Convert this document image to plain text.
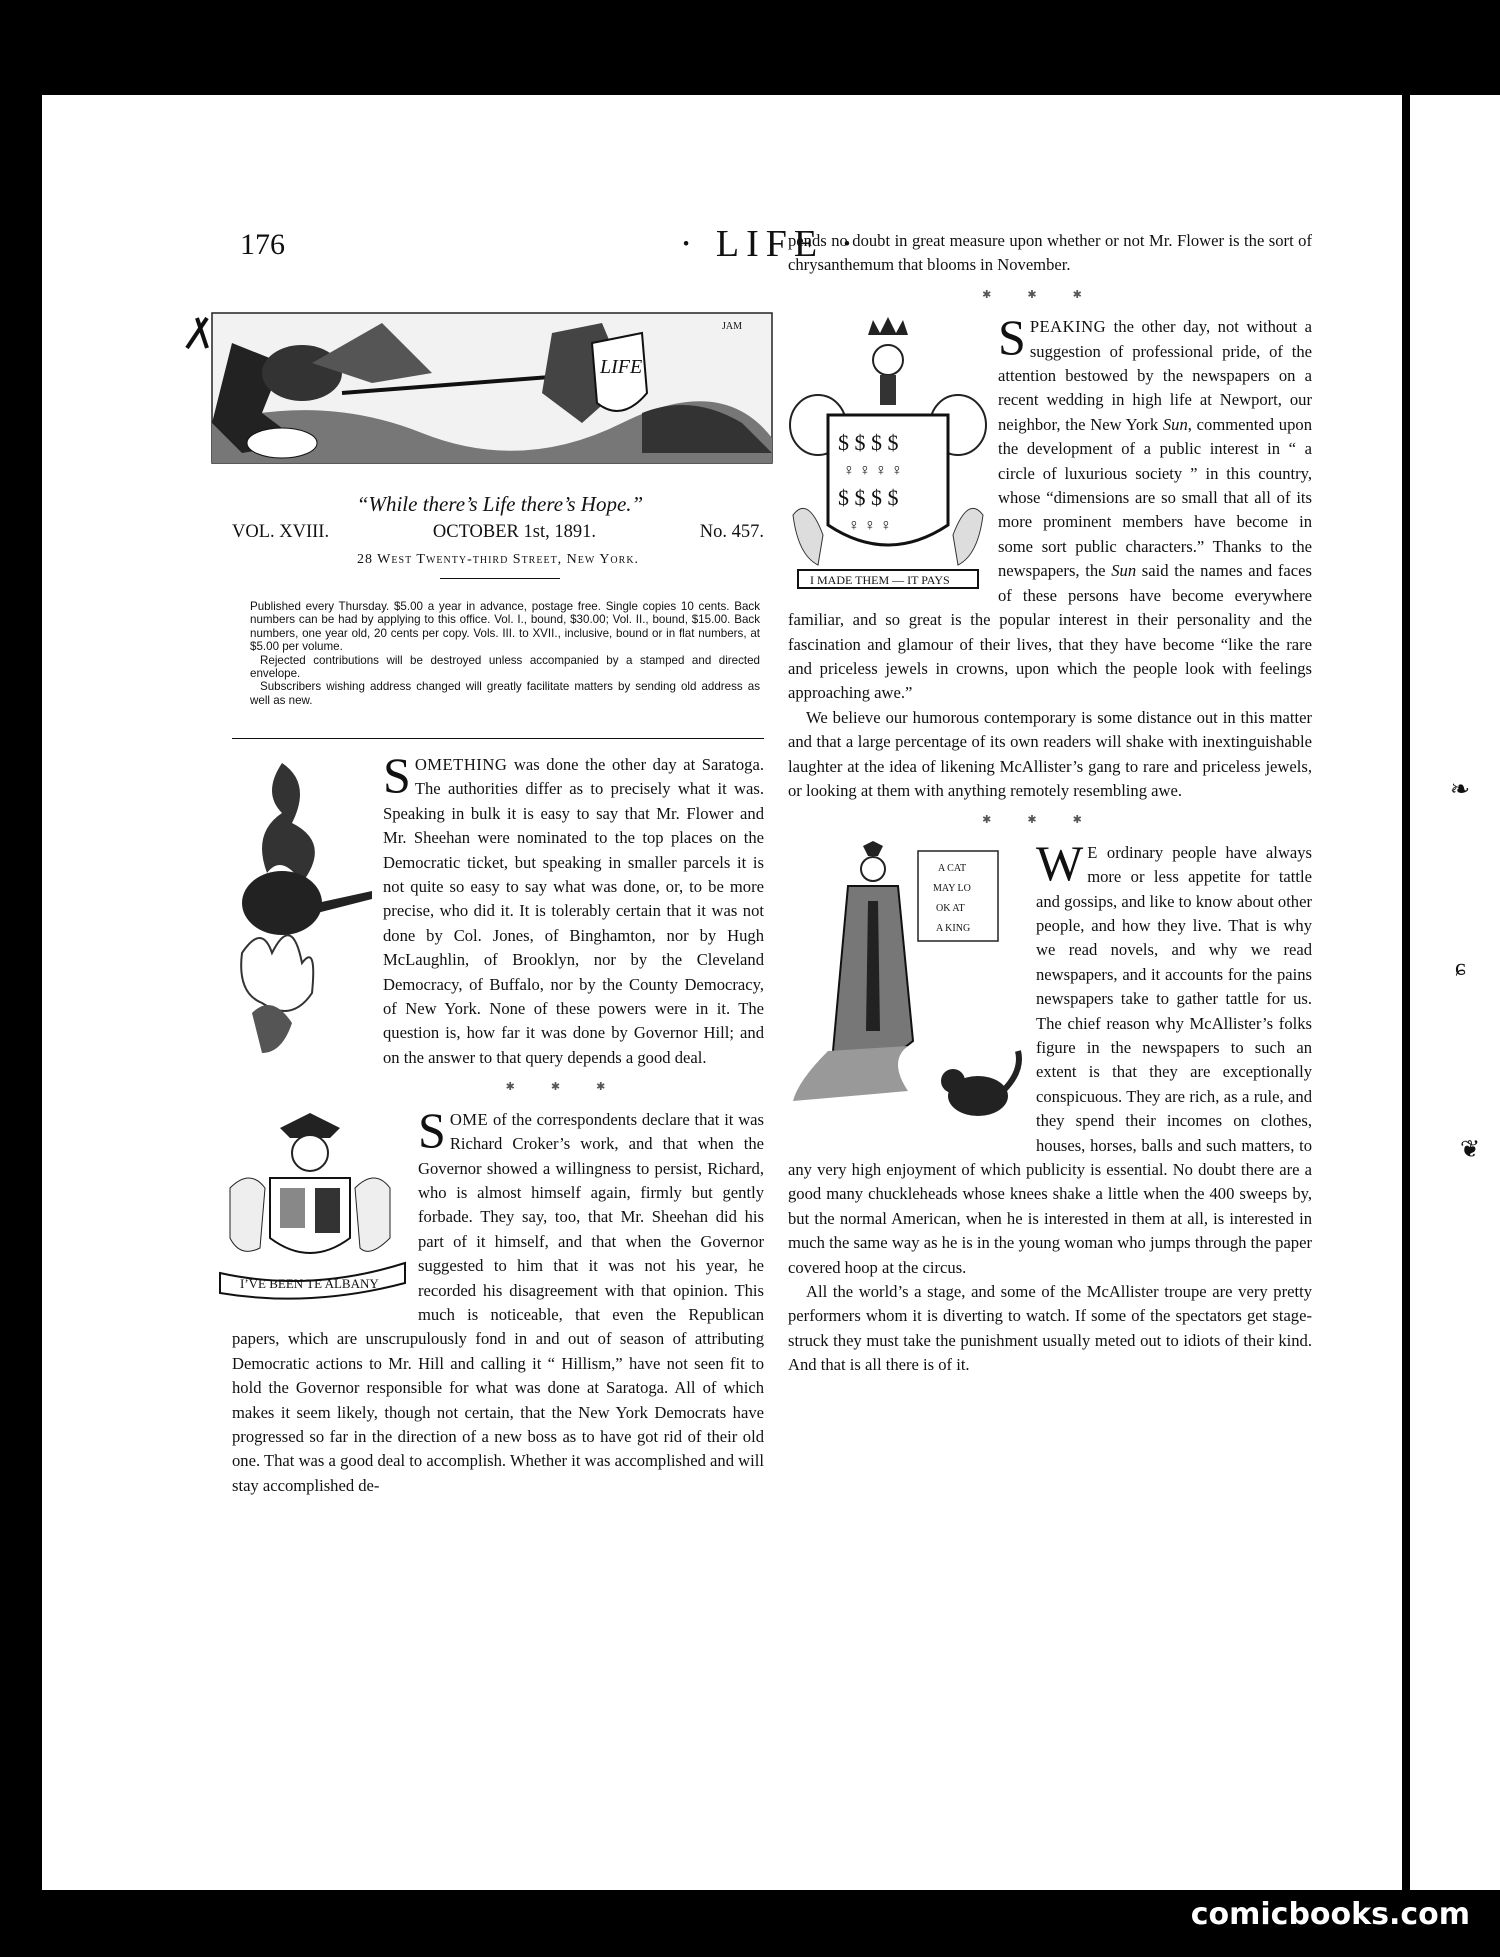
176	· LIFE ·
LIFE
JAM
“While there’s Life there’s Hope.”
VOL. XVIII.	OCTOBER 1st, 1891.	No. 457.
28 West Twenty-third Street, New York.

Published every Thursday. $5.00 a year in advance, postage free. Single copies 10 cents. Back numbers can be had by applying to this office. Vol. I., bound, $30.00; Vol. II., bound, $15.00. Back numbers, one year old, 20 cents per copy. Vols. III. to XVII., inclusive, bound or in flat numbers, at $5.00 per volume.

Rejected contributions will be destroyed unless accompanied by a stamped and directed envelope.

Subscribers wishing address changed will greatly facilitate matters by sending old address as well as new.

SOMETHING was done the other day at Saratoga. The authorities differ as to precisely what it was. Speaking in bulk it is easy to say that Mr. Flower and Mr. Sheehan were nominated to the top places on the Democratic ticket, but speaking in smaller parcels it is not quite so easy to say what was done, or, to be more precise, who did it. It is tolerably certain that it was not done by Col. Jones, of Binghamton, nor by Hugh McLaughlin, of Brooklyn, nor by the Cleveland Democracy, of Buffalo, nor by the County Democracy, of New York. None of these powers were in it. The question is, how far it was done by Governor Hill; and on the answer to that query depends a good deal.

✱✱✱
I’VE BEEN TE ALBANY

SOME of the correspondents declare that it was Richard Croker’s work, and that when the Governor showed a willingness to persist, Richard, who is almost himself again, firmly but gently forbade. They say, too, that Mr. Sheehan did his part of it himself, and that when the Governor suggested to him that it was not his year, he recorded his disagreement with that opinion. This much is noticeable, that even the Republican papers, which are unscrupulously fond in and out of season of attributing Democratic actions to Mr. Hill and calling it “ Hillism,” have not seen fit to hold the Governor responsible for what was done at Saratoga. All of which makes it seem likely, though not certain, that the New York Democrats have progressed so far in the direction of a new boss as to have got rid of their old one. That was a good deal to accomplish. Whether it was accomplished and will stay accomplished de-

pends no doubt in great measure upon whether or not Mr. Flower is the sort of chrysanthemum that blooms in November.

✱✱✱
$ $ $ $
♀ ♀ ♀ ♀
$ $ $ $
♀ ♀ ♀
I MADE THEM — IT PAYS

SPEAKING the other day, not without a suggestion of professional pride, of the attention bestowed by the newspapers on a recent wedding in high life at Newport, our neighbor, the New York Sun, commented upon the development of a public interest in “ a circle of luxurious society ” in this country, whose “dimensions are so small that all of its more prominent members have become in some sort public characters.” Thanks to the newspapers, the Sun said the names and faces of these persons have become everywhere familiar, and so great is the popular interest in their personality and the fascination and glamour of their lives, that they have become “like the rare and priceless jewels in crowns, upon which the people look with feelings approaching awe.”

We believe our humorous contemporary is some distance out in this matter and that a large percentage of its own readers will shake with inextinguishable laughter at the idea of likening McAllister’s gang to rare and priceless jewels, or looking at them with anything remotely resembling awe.

✱✱✱
A CAT
MAY LO
OK AT
A KING

W E ordinary people have always more or less appetite for tattle and gossips, and like to know about other people, and how they live. That is why we read novels, and why we read newspapers, and it accounts for the pains newspapers take to gather tattle for us. The chief reason why McAllister’s folks figure in the newspapers to such an extent is that they are exceptionally conspicuous. They are rich, as a rule, and they spend their incomes on clothes, houses, horses, balls and such matters, to any very high enjoyment of which publicity is essential. No doubt there are a good many chuckleheads whose knees shake a little when the 400 sweeps by, but the normal American, when he is interested in them at all, is interested in much the same way as he is in the young woman who jumps through the paper covered hoop at the circus.

All the world’s a stage, and some of the McAllister troupe are very pretty performers whom it is diverting to watch. If some of the spectators get stage-struck they must take the punishment usually meted out to idiots of their kind. And that is all there is of it.

❧
ɕ
❦
comicbooks.com
